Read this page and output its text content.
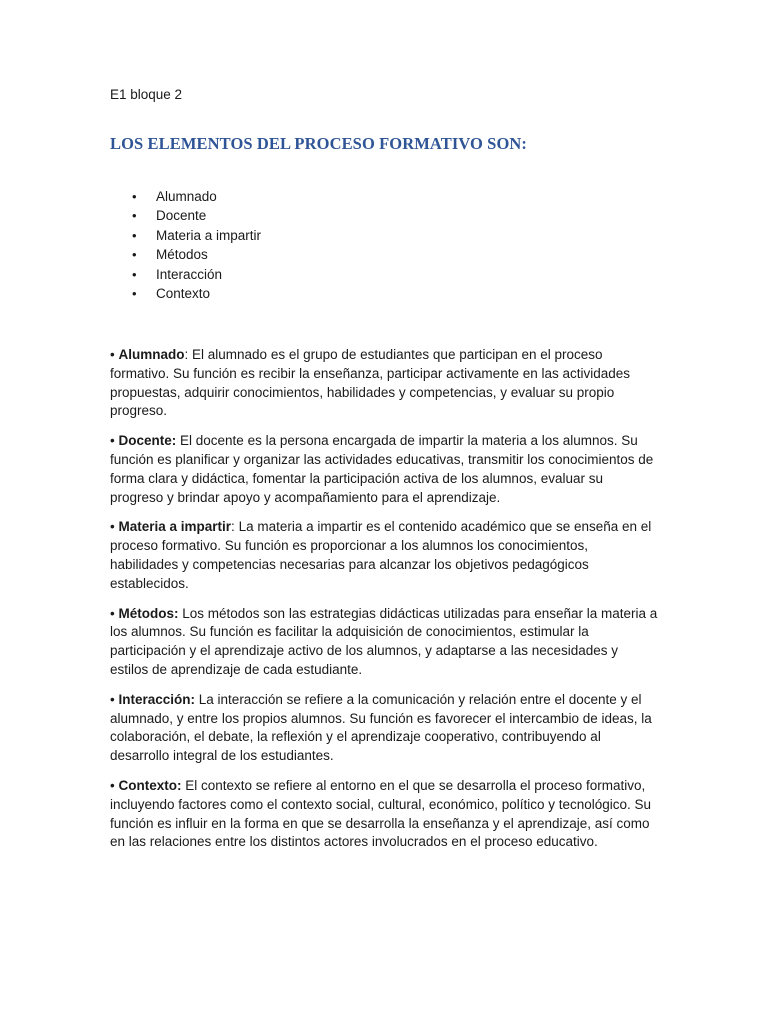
E1 bloque 2
LOS ELEMENTOS DEL PROCESO FORMATIVO SON:
• Alumnado
• Docente
• Materia a impartir
• Métodos
• Interacción
• Contexto

• Alumnado: El alumnado es el grupo de estudiantes que participan en el proceso formativo. Su función es recibir la enseñanza, participar activamente en las actividades propuestas, adquirir conocimientos, habilidades y competencias, y evaluar su propio progreso.

• Docente: El docente es la persona encargada de impartir la materia a los alumnos. Su función es planificar y organizar las actividades educativas, transmitir los conocimientos de forma clara y didáctica, fomentar la participación activa de los alumnos, evaluar su progreso y brindar apoyo y acompañamiento para el aprendizaje.

• Materia a impartir: La materia a impartir es el contenido académico que se enseña en el proceso formativo. Su función es proporcionar a los alumnos los conocimientos, habilidades y competencias necesarias para alcanzar los objetivos pedagógicos establecidos.

• Métodos: Los métodos son las estrategias didácticas utilizadas para enseñar la materia a los alumnos. Su función es facilitar la adquisición de conocimientos, estimular la participación y el aprendizaje activo de los alumnos, y adaptarse a las necesidades y estilos de aprendizaje de cada estudiante.

• Interacción: La interacción se refiere a la comunicación y relación entre el docente y el alumnado, y entre los propios alumnos. Su función es favorecer el intercambio de ideas, la colaboración, el debate, la reflexión y el aprendizaje cooperativo, contribuyendo al desarrollo integral de los estudiantes.

• Contexto: El contexto se refiere al entorno en el que se desarrolla el proceso formativo, incluyendo factores como el contexto social, cultural, económico, político y tecnológico. Su función es influir en la forma en que se desarrolla la enseñanza y el aprendizaje, así como en las relaciones entre los distintos actores involucrados en el proceso educativo.
